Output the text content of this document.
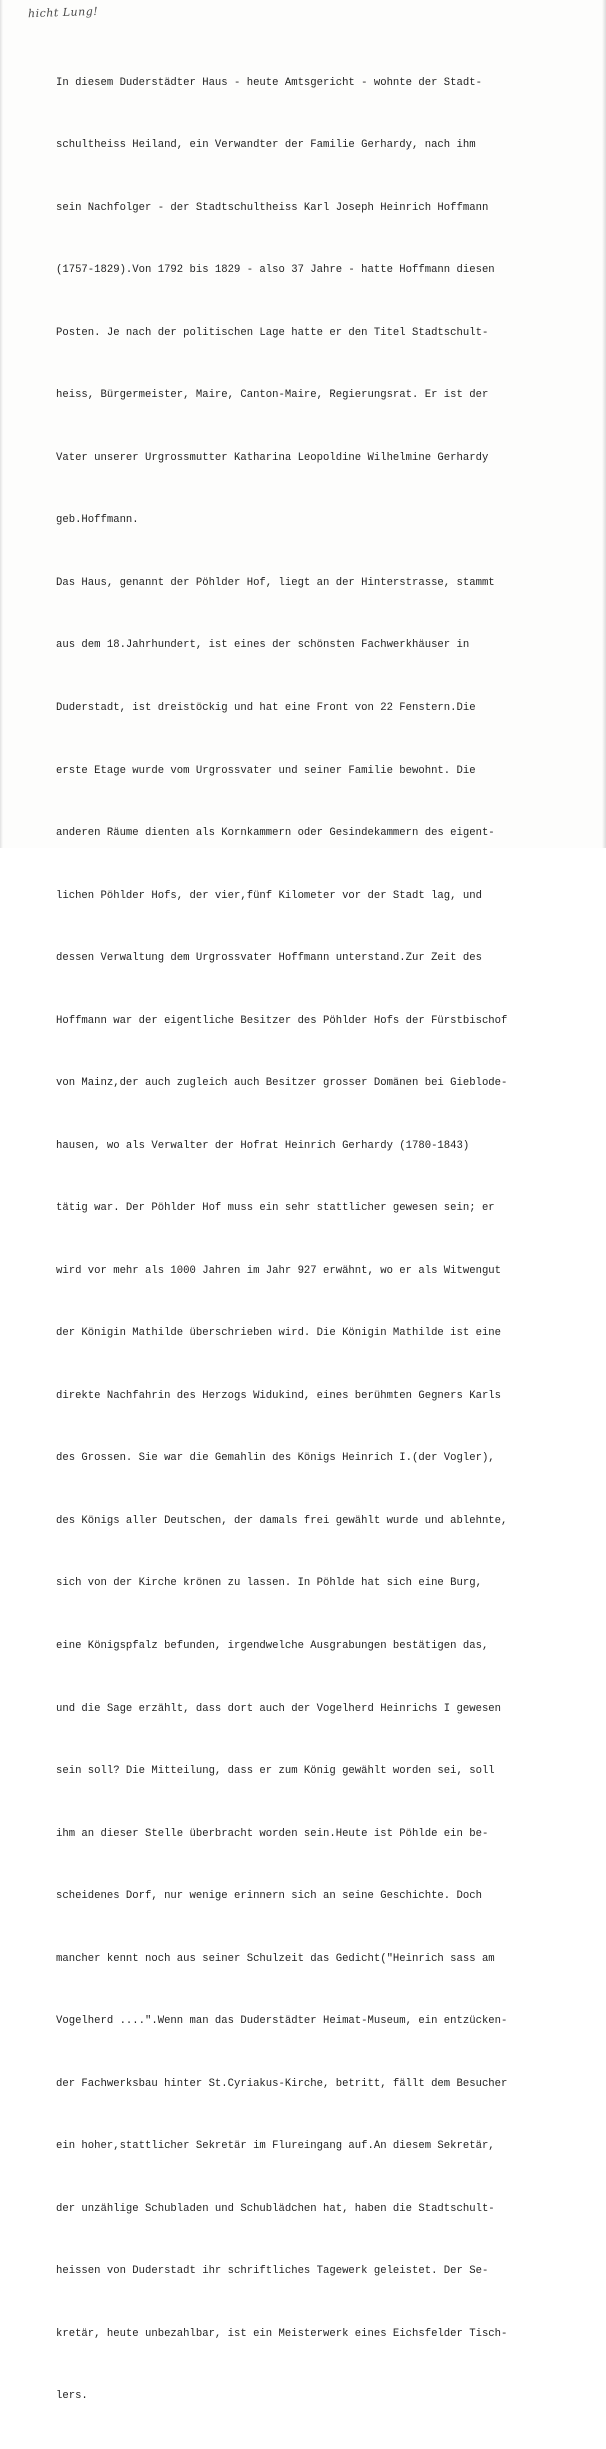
hicht Lung!

In diesem Duderstädter Haus - heute Amtsgericht - wohnte der Stadt-

schultheiss Heiland, ein Verwandter der Familie Gerhardy, nach ihm

sein Nachfolger - der Stadtschultheiss Karl Joseph Heinrich Hoffmann

(1757-1829).Von 1792 bis 1829 - also 37 Jahre - hatte Hoffmann diesen

Posten. Je nach der politischen Lage hatte er den Titel Stadtschult-

heiss, Bürgermeister, Maire, Canton-Maire, Regierungsrat. Er ist der

Vater unserer Urgrossmutter Katharina Leopoldine Wilhelmine Gerhardy

geb.Hoffmann.

Das Haus, genannt der Pöhlder Hof, liegt an der Hinterstrasse, stammt

aus dem 18.Jahrhundert, ist eines der schönsten Fachwerkhäuser in

Duderstadt, ist dreistöckig und hat eine Front von 22 Fenstern.Die

erste Etage wurde vom Urgrossvater und seiner Familie bewohnt. Die

anderen Räume dienten als Kornkammern oder Gesindekammern des eigent-

lichen Pöhlder Hofs, der vier,fünf Kilometer vor der Stadt lag, und

dessen Verwaltung dem Urgrossvater Hoffmann unterstand.Zur Zeit des

Hoffmann war der eigentliche Besitzer des Pöhlder Hofs der Fürstbischof

von Mainz,der auch zugleich auch Besitzer grosser Domänen bei Gieblode-

hausen, wo als Verwalter der Hofrat Heinrich Gerhardy (1780-1843)

tätig war. Der Pöhlder Hof muss ein sehr stattlicher gewesen sein; er

wird vor mehr als 1000 Jahren im Jahr 927 erwähnt, wo er als Witwengut

der Königin Mathilde überschrieben wird. Die Königin Mathilde ist eine

direkte Nachfahrin des Herzogs Widukind, eines berühmten Gegners Karls

des Grossen. Sie war die Gemahlin des Königs Heinrich I.(der Vogler),

des Königs aller Deutschen, der damals frei gewählt wurde und ablehnte,

sich von der Kirche krönen zu lassen. In Pöhlde hat sich eine Burg,

eine Königspfalz befunden, irgendwelche Ausgrabungen bestätigen das,

und die Sage erzählt, dass dort auch der Vogelherd Heinrichs I gewesen

sein soll? Die Mitteilung, dass er zum König gewählt worden sei, soll

ihm an dieser Stelle überbracht worden sein.Heute ist Pöhlde ein be-

scheidenes Dorf, nur wenige erinnern sich an seine Geschichte. Doch

mancher kennt noch aus seiner Schulzeit das Gedicht("Heinrich sass am

Vogelherd ....".Wenn man das Duderstädter Heimat-Museum, ein entzücken-

der Fachwerksbau hinter St.Cyriakus-Kirche, betritt, fällt dem Besucher

ein hoher,stattlicher Sekretär im Flureingang auf.An diesem Sekretär,

der unzählige Schubladen und Schublädchen hat, haben die Stadtschult-

heissen von Duderstadt ihr schriftliches Tagewerk geleistet. Der Se-

kretär, heute unbezahlbar, ist ein Meisterwerk eines Eichsfelder Tisch-

lers.
